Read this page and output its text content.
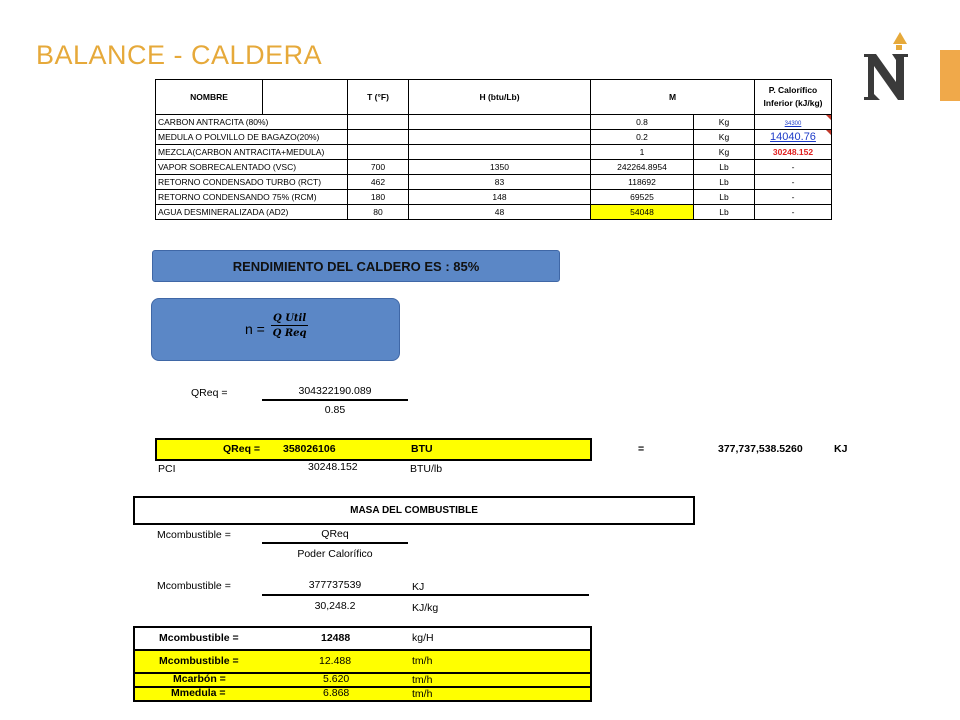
BALANCE - CALDERA
NOMBRE		T (°F)	H (btu/Lb)	M		P. Calorífico Inferior (kJ/kg)
CARBON ANTRACITA (80%)				0.8	Kg	34300
MEDULA O POLVILLO DE BAGAZO(20%)				0.2	Kg	14040.76
MEZCLA(CARBON ANTRACITA+MEDULA)				1	Kg	30248.152
VAPOR SOBRECALENTADO (VSC)		700	1350	242264.8954	Lb	-
RETORNO CONDENSADO TURBO (RCT)		462	83	118692	Lb	-
RETORNO CONDENSANDO 75% (RCM)		180	148	69525	Lb	-
AGUA DESMINERALIZADA (AD2)		80	48	54048	Lb	-
RENDIMIENTO DEL CALDERO ES : 85%
n =
Q Util
Q Req
QReq =	304322190.089
0.85
QReq = 358026106	BTU	=	377,737,538.5260	KJ
PCI	30248.152	BTU/lb
MASA DEL COMBUSTIBLE
Mcombustible =	QReq
Poder Calorífico
Mcombustible =	377737539	KJ
30,248.2	KJ/kg
Mcombustible =	12488	kg/H
Mcombustible =	12.488	tm/h
Mcarbón =	5.620	tm/h
Mmedula =	6.868	tm/h
